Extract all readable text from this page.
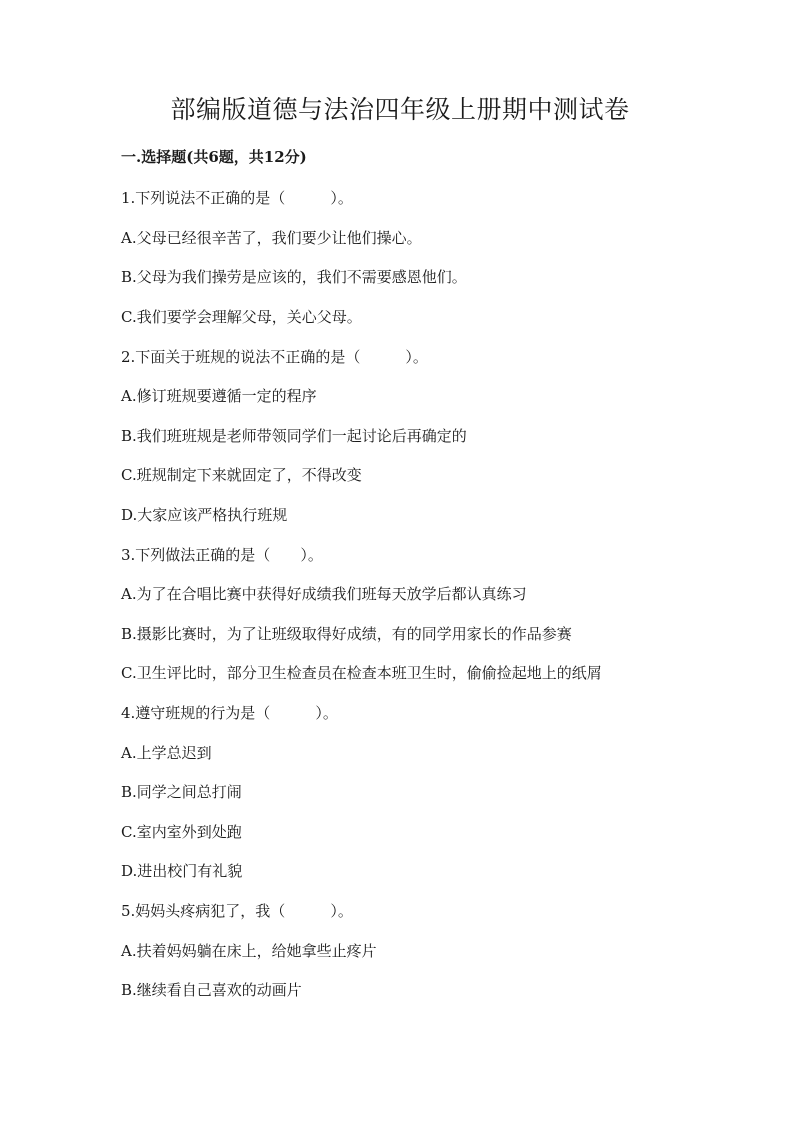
部编版道德与法治四年级上册期中测试卷
一.选择题(共6题，共12分)
1.下列说法不正确的是（　　　）。
A.父母已经很辛苦了，我们要少让他们操心。
B.父母为我们操劳是应该的，我们不需要感恩他们。
C.我们要学会理解父母，关心父母。
2.下面关于班规的说法不正确的是（　　　）。
A.修订班规要遵循一定的程序
B.我们班班规是老师带领同学们一起讨论后再确定的
C.班规制定下来就固定了，不得改变
D.大家应该严格执行班规
3.下列做法正确的是（　　）。
A.为了在合唱比赛中获得好成绩我们班每天放学后都认真练习
B.摄影比赛时，为了让班级取得好成绩，有的同学用家长的作品参赛
C.卫生评比时，部分卫生检查员在检查本班卫生时，偷偷捡起地上的纸屑
4.遵守班规的行为是（　　　）。
A.上学总迟到
B.同学之间总打闹
C.室内室外到处跑
D.进出校门有礼貌
5.妈妈头疼病犯了，我（　　　）。
A.扶着妈妈躺在床上，给她拿些止疼片
B.继续看自己喜欢的动画片
